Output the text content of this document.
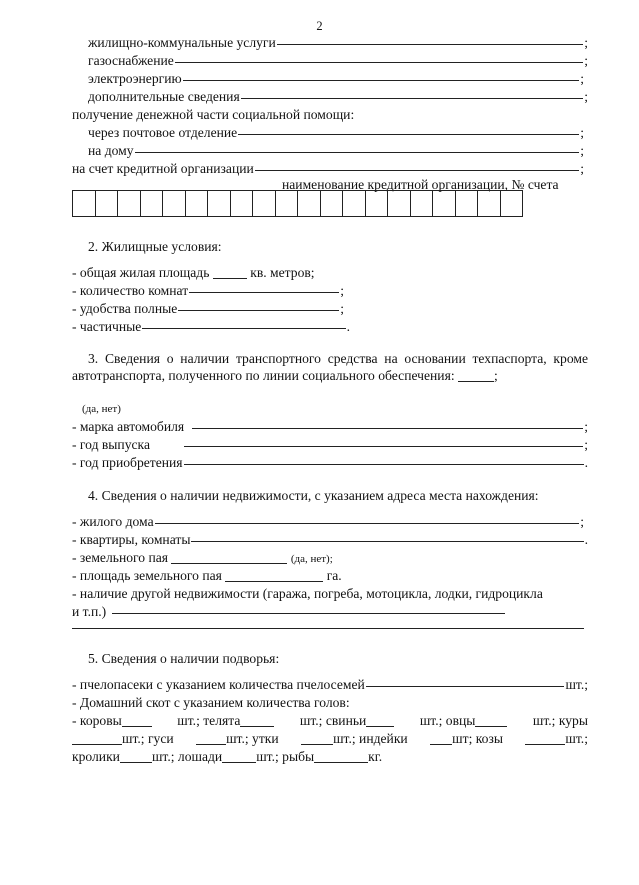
2
жилищно-коммунальные услуги	;
газоснабжение	;
электроэнергию	;
дополнительные сведения	;
получение денежной части социальной помощи:
через почтовое отделение	;
на дому	;
на счет кредитной организации	;
наименование кредитной организации, № счета

2. Жилищные условия:
- общая жилая площадь	кв. метров;
- количество комнат	;
- удобства полные	;
- частичные	.
3. Сведения о наличии транспортного средства на основании техпаспорта, кроме автотранспорта, полученного по линии социального обеспечения:	;
(да, нет)
- марка автомобиля	;
- год выпуска	;
- год приобретения	.
4. Сведения о наличии недвижимости, с указанием адреса места нахождения:
- жилого дома	;
- квартиры, комнаты	.
- земельного пая	(да, нет);
- площадь земельного пая	га.
- наличие другой недвижимости (гаража, погреба, мотоцикла, лодки, гидроцикла
и т.п.)
5. Сведения о наличии подворья:
- пчелопасеки с указанием количества пчелосемей	шт.;
- Домашний скот с указанием количества голов:
- коровы	шт.; телята	шт.; свиньи	шт.; овцы	шт.; куры
шт.; гуси	шт.; утки	шт.; индейки	шт; козы	шт.;
кролики шт.; лошади	шт.; рыбы	кг.
